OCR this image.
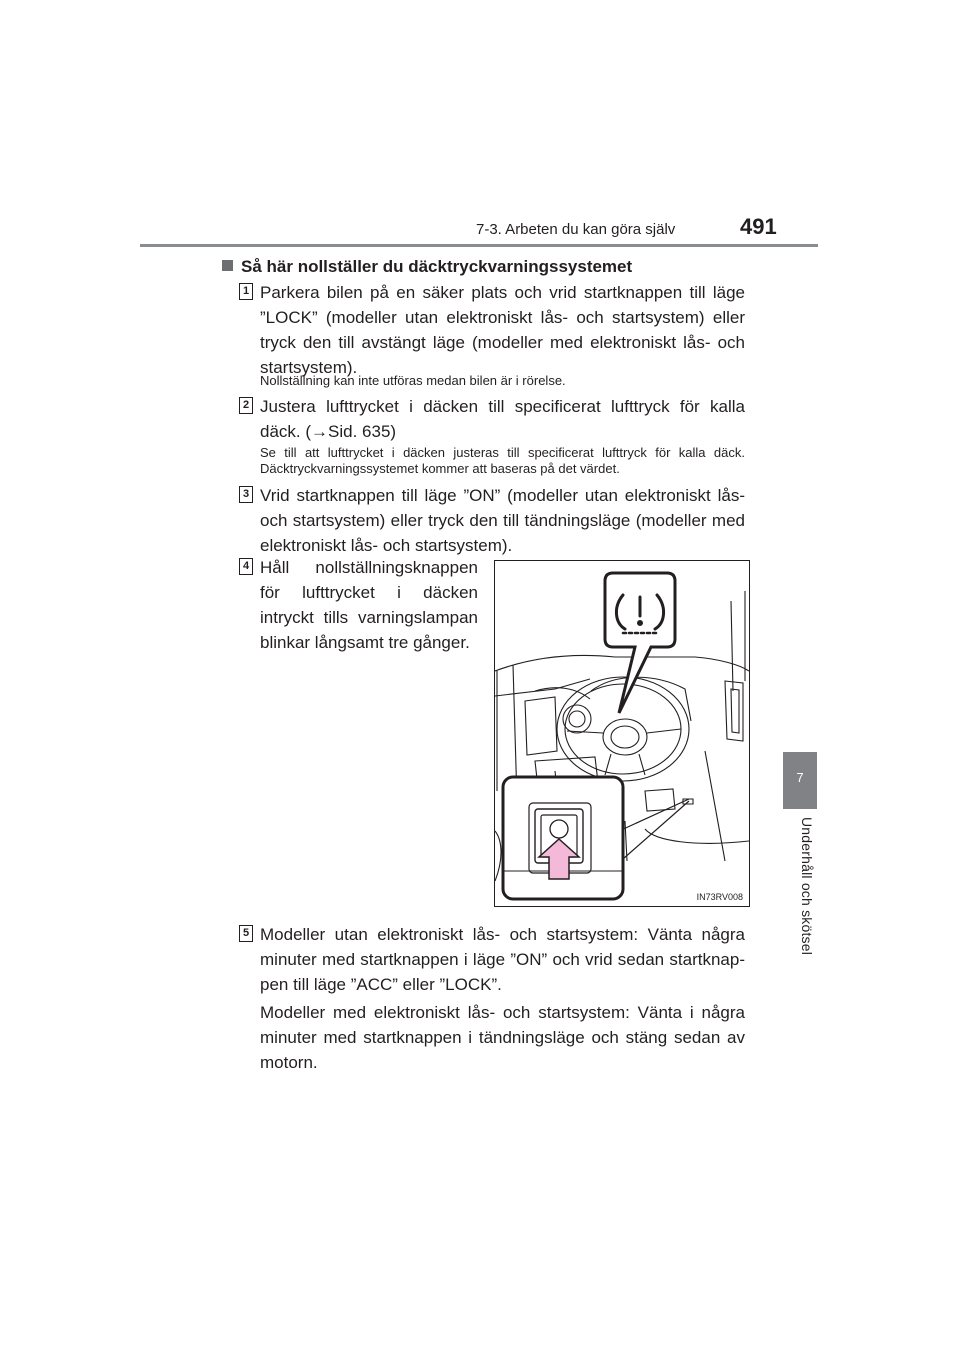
7-3. Arbeten du kan göra själv	491
7
Underhåll och skötsel
Så här nollställer du däcktryckvarningssystemet
1 Parkera bilen på en säker plats och vrid startknappen till läge ”LOCK” (modeller utan elektroniskt lås- och startsystem) eller tryck den till avstängt läge (modeller med elektroniskt lås- och startsystem).
Nollställning kan inte utföras medan bilen är i rörelse.
2 Justera lufttrycket i däcken till specificerat lufttryck för kalla däck. (→Sid. 635)
Se till att lufttrycket i däcken justeras till specificerat lufttryck för kalla däck. Däcktryckvarningssystemet kommer att baseras på det värdet.
3 Vrid startknappen till läge ”ON” (modeller utan elektroniskt lås- och startsystem) eller tryck den till tändningsläge (modeller med elektroniskt lås- och startsystem).
4 Håll nollställningsknappen för lufttrycket i däcken intryckt tills varningslampan blinkar långsamt tre gånger.
IN73RV008
5 Modeller utan elektroniskt lås- och startsystem: Vänta några minuter med startknappen i läge ”ON” och vrid sedan startknap-pen till läge ”ACC” eller ”LOCK”.
Modeller med elektroniskt lås- och startsystem: Vänta i några minuter med startknappen i tändningsläge och stäng sedan av motorn.
